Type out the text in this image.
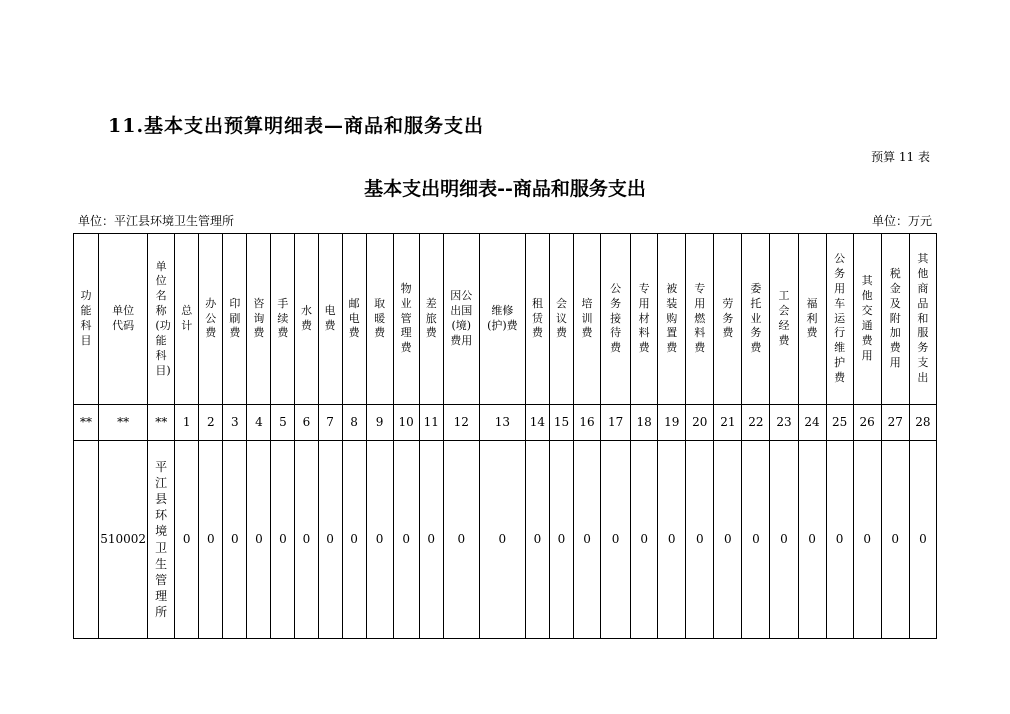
11.基本支出预算明细表—商品和服务支出
预算 11 表
基本支出明细表--商品和服务支出
单位：平江县环境卫生管理所	单位：万元
功能科目	单位代码	单位名称(功能科目)	总计	办公费	印刷费	咨询费	手续费	水费	电费	邮电费	取暖费	物业管理费	差旅费	因公出国(境)费用	维修(护)费	租赁费	会议费	培训费	公务接待费	专用材料费	被装购置费	专用燃料费	劳务费	委托业务费	工会经费	福利费	公务用车运行维护费	其他交通费用	税金及附加费用	其他商品和服务支出
**	**	**	1	2	3	4	5	6	7	8	9	10	11	12	13	14	15	16	17	18	19	20	21	22	23	24	25	26	27	28
	510002	平江县环境卫生管理所	0	0	0	0	0	0	0	0	0	0	0	0	0	0	0	0	0	0	0	0	0	0	0	0	0	0	0	0
